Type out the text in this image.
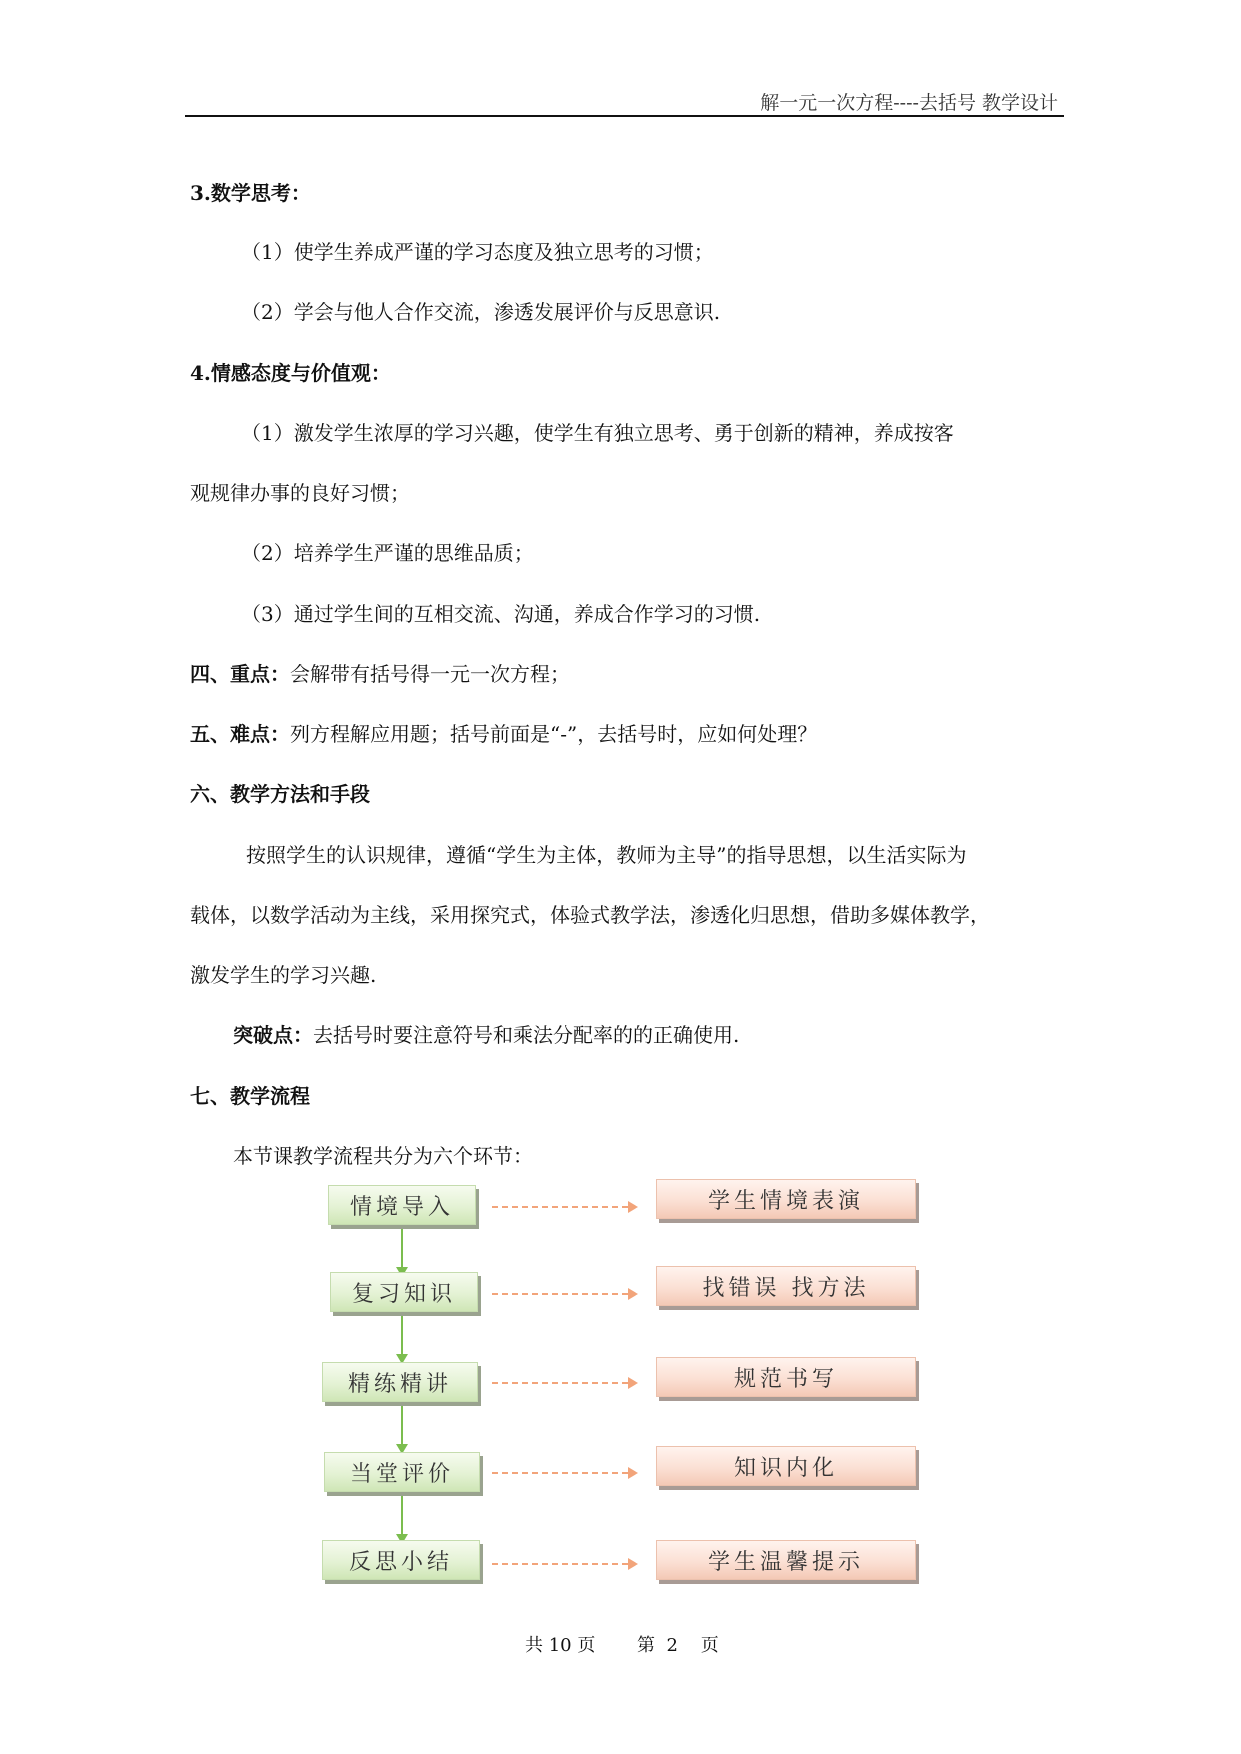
解一元一次方程----去括号 教学设计
3.数学思考：
（1）使学生养成严谨的学习态度及独立思考的习惯；
（2）学会与他人合作交流，渗透发展评价与反思意识.
4.情感态度与价值观：
（1）激发学生浓厚的学习兴趣，使学生有独立思考、勇于创新的精神，养成按客
观规律办事的良好习惯；
（2）培养学生严谨的思维品质；
（3）通过学生间的互相交流、沟通，养成合作学习的习惯.
四、重点：会解带有括号得一元一次方程；
五、难点：列方程解应用题；括号前面是“-”，去括号时，应如何处理？
六、教学方法和手段
按照学生的认识规律，遵循“学生为主体，教师为主导”的指导思想，以生活实际为
载体，以数学活动为主线，采用探究式，体验式教学法，渗透化归思想，借助多媒体教学，
激发学生的学习兴趣.
突破点：去括号时要注意符号和乘法分配率的的正确使用.
七、教学流程
本节课教学流程共分为六个环节：
情境导入	学生情境表演
复习知识	找错误 找方法
精练精讲	规范书写
当堂评价	知识内化
反思小结	学生温馨提示
共 10 页 第  2    页
